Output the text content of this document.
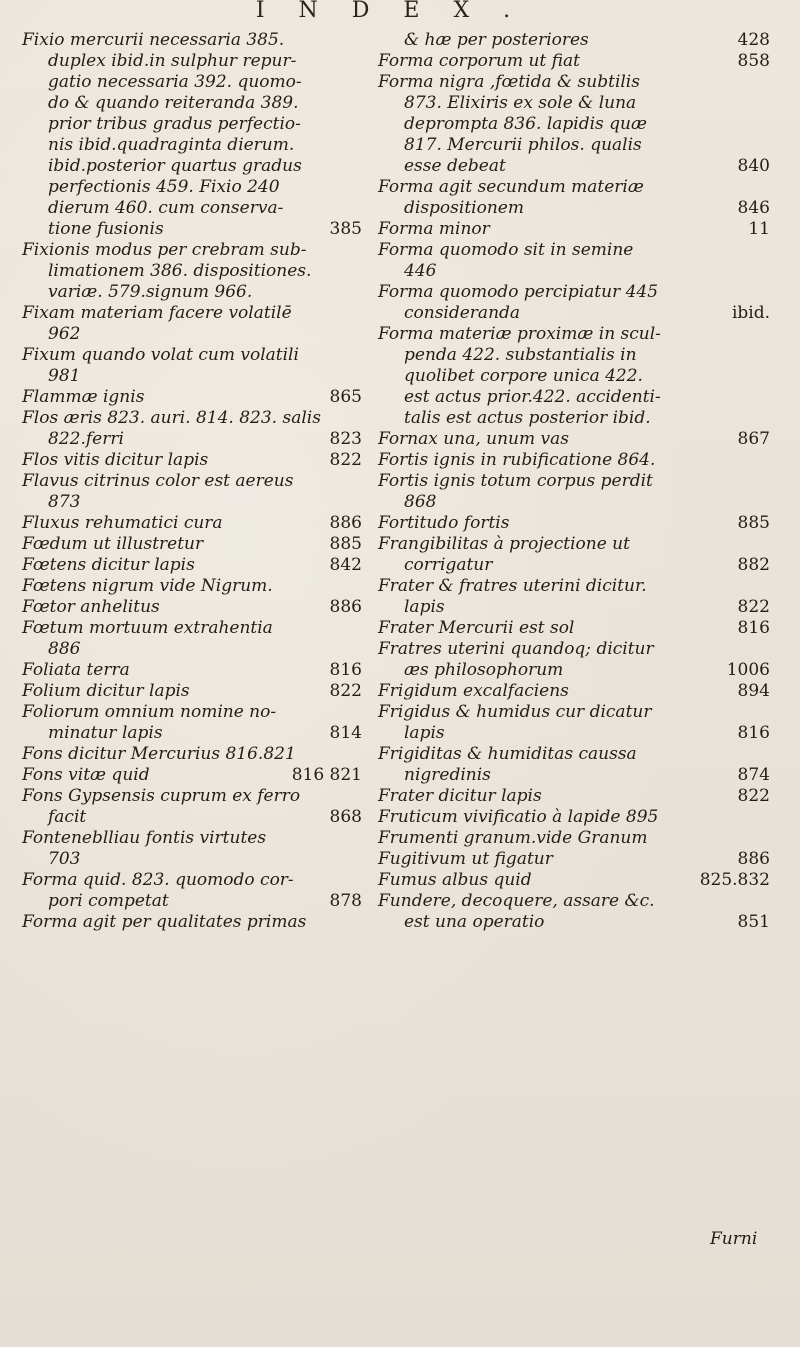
INDEX.
Fixio mercurii necessaria 385.
duplex ibid.in sulphur repur-
gatio necessaria 392. quomo-
do & quando reiteranda 389.
prior tribus gradus perfectio-
nis ibid.quadraginta dierum.
ibid.posterior quartus gradus
perfectionis 459. Fixio 240
dierum 460. cum conserva-
tione fusionis	385
Fixionis modus per crebram sub-
limationem 386. dispositiones.
variæ. 579.signum 966.
Fixam materiam facere volatilē
962
Fixum quando volat cum volatili
981
Flammæ ignis	865
Flos æris 823. auri. 814. 823. salis
822.ferri	823
Flos vitis dicitur lapis	822
Flavus citrinus color est aereus
873
Fluxus rehumatici cura	886
Fœdum ut illustretur	885
Fœtens dicitur lapis	842
Fœtens nigrum vide Nigrum.
Fœtor anhelitus	886
Fœtum mortuum extrahentia
886
Foliata terra	816
Folium dicitur lapis	822
Foliorum omnium nomine no-
minatur lapis	814
Fons dicitur Mercurius 816.821
Fons vitæ quid	816 821
Fons Gypsensis cuprum ex ferro
facit	868
Fonteneblliau fontis virtutes
703
Forma quid. 823. quomodo cor-
pori competat	878
Forma agit per qualitates primas
& hæ per posteriores	428
Forma corporum ut fiat	858
Forma nigra ,fœtida & subtilis
873. Elixiris ex sole & luna
deprompta 836. lapidis quæ
817. Mercurii philos. qualis
esse debeat	840
Forma agit secundum materiæ
dispositionem	846
Forma minor	11
Forma quomodo sit in semine
446
Forma quomodo percipiatur 445
consideranda	ibid.
Forma materiæ proximæ in scul-
penda 422. substantialis in
quolibet corpore unica 422.
est actus prior.422. accidenti-
talis est actus posterior ibid.
Fornax una, unum vas	867
Fortis ignis in rubificatione 864.
Fortis ignis totum corpus perdit
868
Fortitudo fortis	885
Frangibilitas à projectione ut
corrigatur	882
Frater & fratres uterini dicitur.
lapis	822
Frater Mercurii est sol	816
Fratres uterini quandoq; dicitur
æs philosophorum	1006
Frigidum excalfaciens	894
Frigidus & humidus cur dicatur
lapis	816
Frigiditas & humiditas caussa
nigredinis	874
Frater dicitur lapis	822
Fruticum vivificatio à lapide 895
Frumenti granum.vide Granum
Fugitivum ut figatur	886
Fumus albus quid	825.832
Fundere, decoquere, assare &c.
est una operatio	851
Furni
